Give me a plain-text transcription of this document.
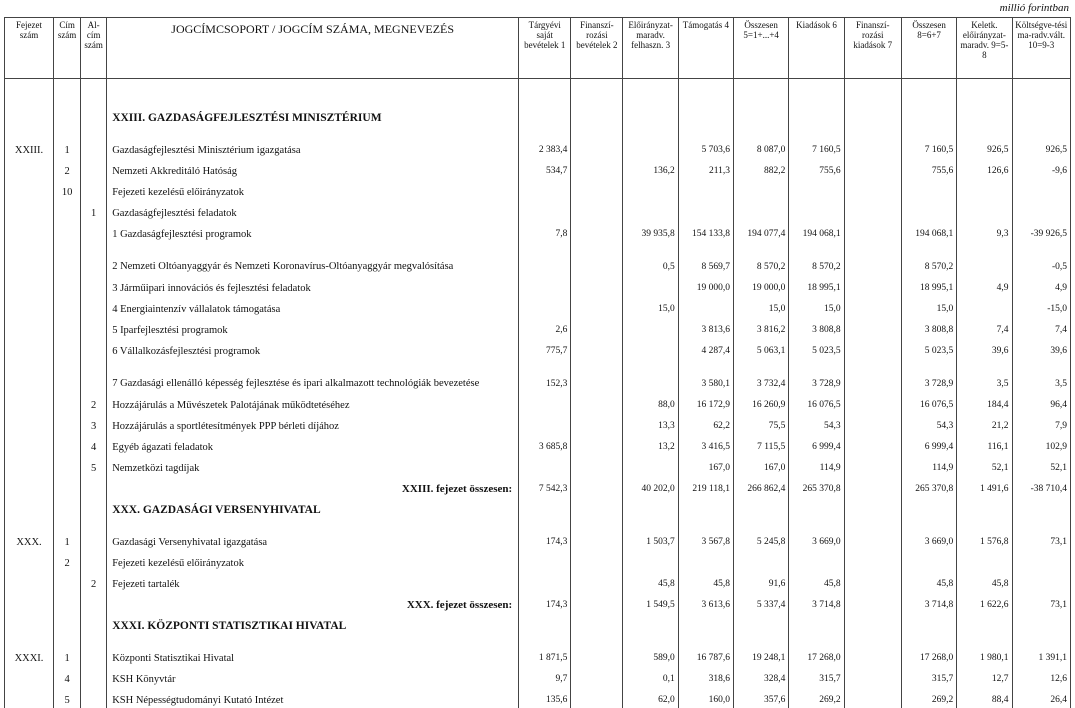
millió forintban
Fejezet szám	Cím szám	Al-cím szám	JOGCÍMCSOPORT / JOGCÍM SZÁMA, MEGNEVEZÉS	Tárgyévi saját bevételek 1	Finanszí-rozási bevételek 2	Előirányzat-maradv. felhaszn. 3	Támogatás 4	Összesen 5=1+...+4	Kiadások 6	Finanszí-rozási kiadások 7	Összesen 8=6+7	Keletk. előirányzat-maradv. 9=5-8	Költségve-tési ma-radv.vált. 10=9-3

			XXIII. GAZDASÁGFEJLESZTÉSI MINISZTÉRIUM										
XXIII.	1		Gazdaságfejlesztési Minisztérium igazgatása	2 383,4			5 703,6	8 087,0	7 160,5		7 160,5	926,5	926,5
	2		Nemzeti Akkreditáló Hatóság	534,7		136,2	211,3	882,2	755,6		755,6	126,6	-9,6
	10		Fejezeti kezelésű előirányzatok										
		1	Gazdaságfejlesztési feladatok										
			1 Gazdaságfejlesztési programok	7,8		39 935,8	154 133,8	194 077,4	194 068,1		194 068,1	9,3	-39 926,5
			2 Nemzeti Oltóanyaggyár és Nemzeti Koronavírus-Oltóanyaggyár megvalósítása			0,5	8 569,7	8 570,2	8 570,2		8 570,2		-0,5
			3 Járműipari innovációs és fejlesztési feladatok				19 000,0	19 000,0	18 995,1		18 995,1	4,9	4,9
			4 Energiaintenzív vállalatok támogatása			15,0		15,0	15,0		15,0		-15,0
			5 Iparfejlesztési programok	2,6			3 813,6	3 816,2	3 808,8		3 808,8	7,4	7,4
			6 Vállalkozásfejlesztési programok	775,7			4 287,4	5 063,1	5 023,5		5 023,5	39,6	39,6
			7 Gazdasági ellenálló képesség fejlesztése és ipari alkalmazott technológiák bevezetése	152,3			3 580,1	3 732,4	3 728,9		3 728,9	3,5	3,5
		2	Hozzájárulás a Művészetek Palotájának működtetéséhez			88,0	16 172,9	16 260,9	16 076,5		16 076,5	184,4	96,4
		3	Hozzájárulás a sportlétesítmények PPP bérleti díjához			13,3	62,2	75,5	54,3		54,3	21,2	7,9
		4	Egyéb ágazati feladatok	3 685,8		13,2	3 416,5	7 115,5	6 999,4		6 999,4	116,1	102,9
		5	Nemzetközi tagdíjak				167,0	167,0	114,9		114,9	52,1	52,1
			XXIII. fejezet összesen:	7 542,3		40 202,0	219 118,1	266 862,4	265 370,8		265 370,8	1 491,6	-38 710,4
			XXX. GAZDASÁGI VERSENYHIVATAL										
XXX.	1		Gazdasági Versenyhivatal igazgatása	174,3		1 503,7	3 567,8	5 245,8	3 669,0		3 669,0	1 576,8	73,1
	2		Fejezeti kezelésű előirányzatok										
		2	Fejezeti tartalék			45,8	45,8	91,6	45,8		45,8	45,8	
			XXX. fejezet összesen:	174,3		1 549,5	3 613,6	5 337,4	3 714,8		3 714,8	1 622,6	73,1
			XXXI. KÖZPONTI STATISZTIKAI HIVATAL										
XXXI.	1		Központi Statisztikai Hivatal	1 871,5		589,0	16 787,6	19 248,1	17 268,0		17 268,0	1 980,1	1 391,1
	4		KSH Könyvtár	9,7		0,1	318,6	328,4	315,7		315,7	12,7	12,6
	5		KSH Népességtudományi Kutató Intézet	135,6		62,0	160,0	357,6	269,2		269,2	88,4	26,4
